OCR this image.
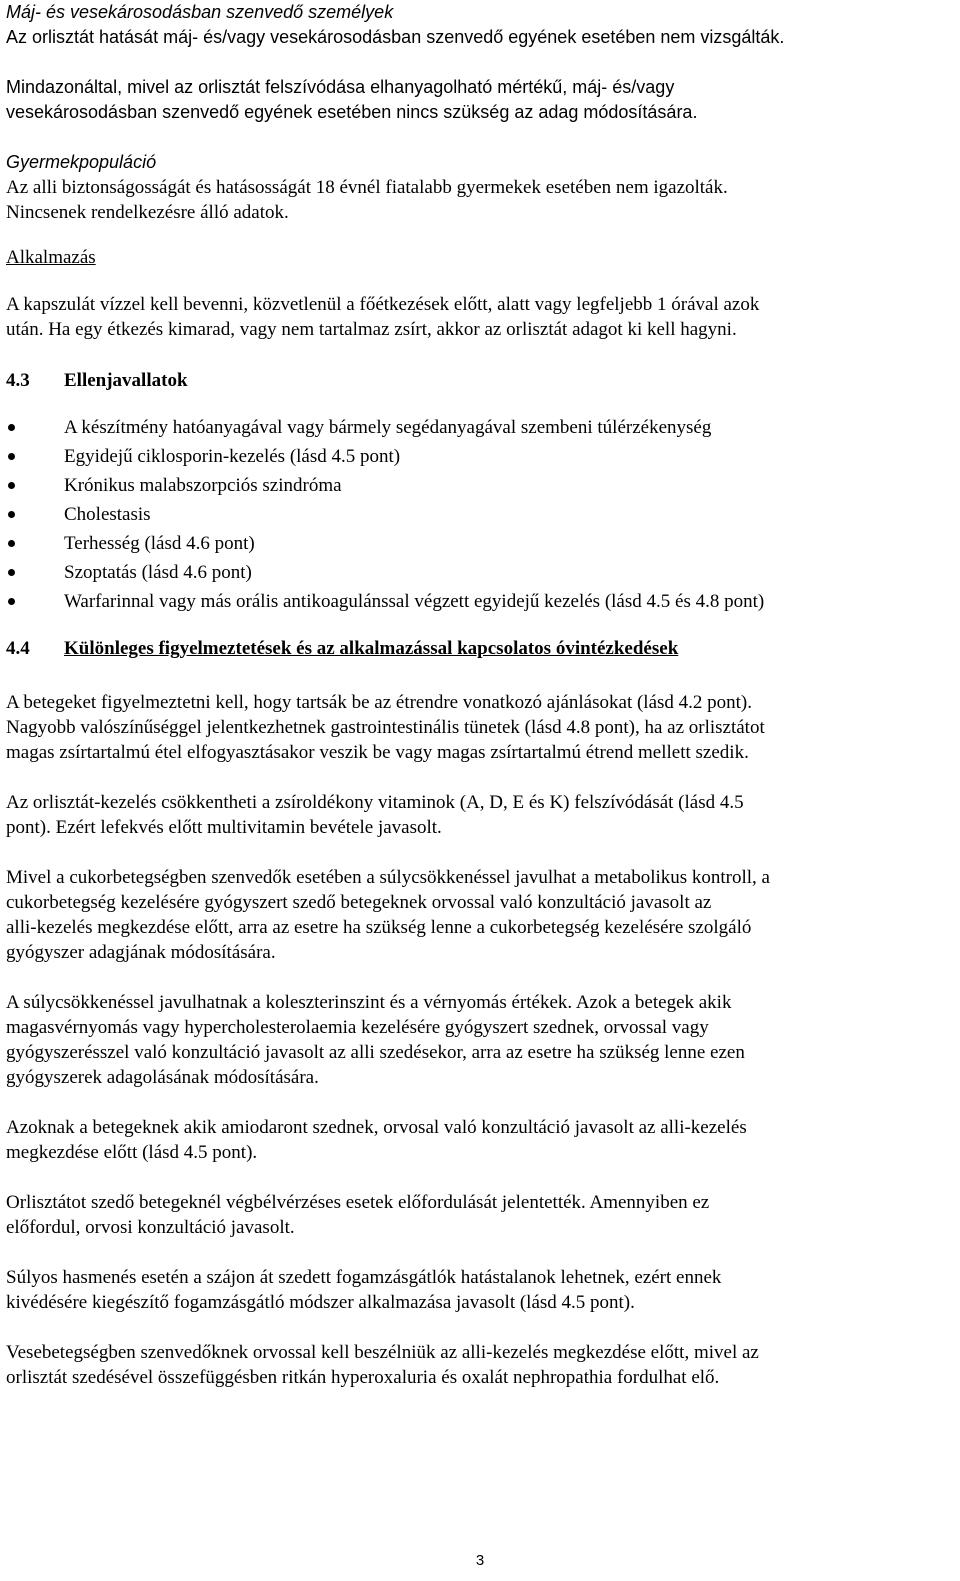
Máj- és vesekárosodásban szenvedő személyek

Az orlisztát hatását máj- és/vagy vesekárosodásban szenvedő egyének esetében nem vizsgálták.

Mindazonáltal, mivel az orlisztát felszívódása elhanyagolható mértékű, máj- és/vagy

vesekárosodásban szenvedő egyének esetében nincs szükség az adag módosítására.

Gyermekpopuláció

Az alli biztonságosságát és hatásosságát 18 évnél fiatalabb gyermekek esetében nem igazolták.

Nincsenek rendelkezésre álló adatok.

Alkalmazás

A kapszulát vízzel kell bevenni, közvetlenül a főétkezések előtt, alatt vagy legfeljebb 1 órával azok

után. Ha egy étkezés kimarad, vagy nem tartalmaz zsírt, akkor az orlisztát adagot ki kell hagyni.

4.3	Ellenjavallatok
A készítmény hatóanyagával vagy bármely segédanyagával szembeni túlérzékenység
Egyidejű ciklosporin-kezelés (lásd 4.5 pont)
Krónikus malabszorpciós szindróma
Cholestasis
Terhesség (lásd 4.6 pont)
Szoptatás (lásd 4.6 pont)
Warfarinnal vagy más orális antikoagulánssal végzett egyidejű kezelés (lásd 4.5 és 4.8 pont)
4.4	Különleges figyelmeztetések és az alkalmazással kapcsolatos óvintézkedések

A betegeket figyelmeztetni kell, hogy tartsák be az étrendre vonatkozó ajánlásokat (lásd 4.2 pont).

Nagyobb valószínűséggel jelentkezhetnek gastrointestinális tünetek (lásd 4.8 pont), ha az orlisztátot

magas zsírtartalmú étel elfogyasztásakor veszik be vagy magas zsírtartalmú étrend mellett szedik.

Az orlisztát-kezelés csökkentheti a zsíroldékony vitaminok (A, D, E és K) felszívódását (lásd 4.5

pont). Ezért lefekvés előtt multivitamin bevétele javasolt.

Mivel a cukorbetegségben szenvedők esetében a súlycsökkenéssel javulhat a metabolikus kontroll, a

cukorbetegség kezelésére gyógyszert szedő betegeknek orvossal való konzultáció javasolt az

alli-kezelés megkezdése előtt, arra az esetre ha szükség lenne a cukorbetegség kezelésére szolgáló

gyógyszer adagjának módosítására.

A súlycsökkenéssel javulhatnak a koleszterinszint és a vérnyomás értékek. Azok a betegek akik

magasvérnyomás vagy hypercholesterolaemia kezelésére gyógyszert szednek, orvossal vagy

gyógyszerésszel való konzultáció javasolt az alli szedésekor, arra az esetre ha szükség lenne ezen

gyógyszerek adagolásának módosítására.

Azoknak a betegeknek akik amiodaront szednek, orvosal való konzultáció javasolt az alli-kezelés

megkezdése előtt (lásd 4.5 pont).

Orlisztátot szedő betegeknél végbélvérzéses esetek előfordulását jelentették. Amennyiben ez

előfordul, orvosi konzultáció javasolt.

Súlyos hasmenés esetén a szájon át szedett fogamzásgátlók hatástalanok lehetnek, ezért ennek

kivédésére kiegészítő fogamzásgátló módszer alkalmazása javasolt (lásd 4.5 pont).

Vesebetegségben szenvedőknek orvossal kell beszélniük az alli-kezelés megkezdése előtt, mivel az

orlisztát szedésével összefüggésben ritkán hyperoxaluria és oxalát nephropathia fordulhat elő.

3
